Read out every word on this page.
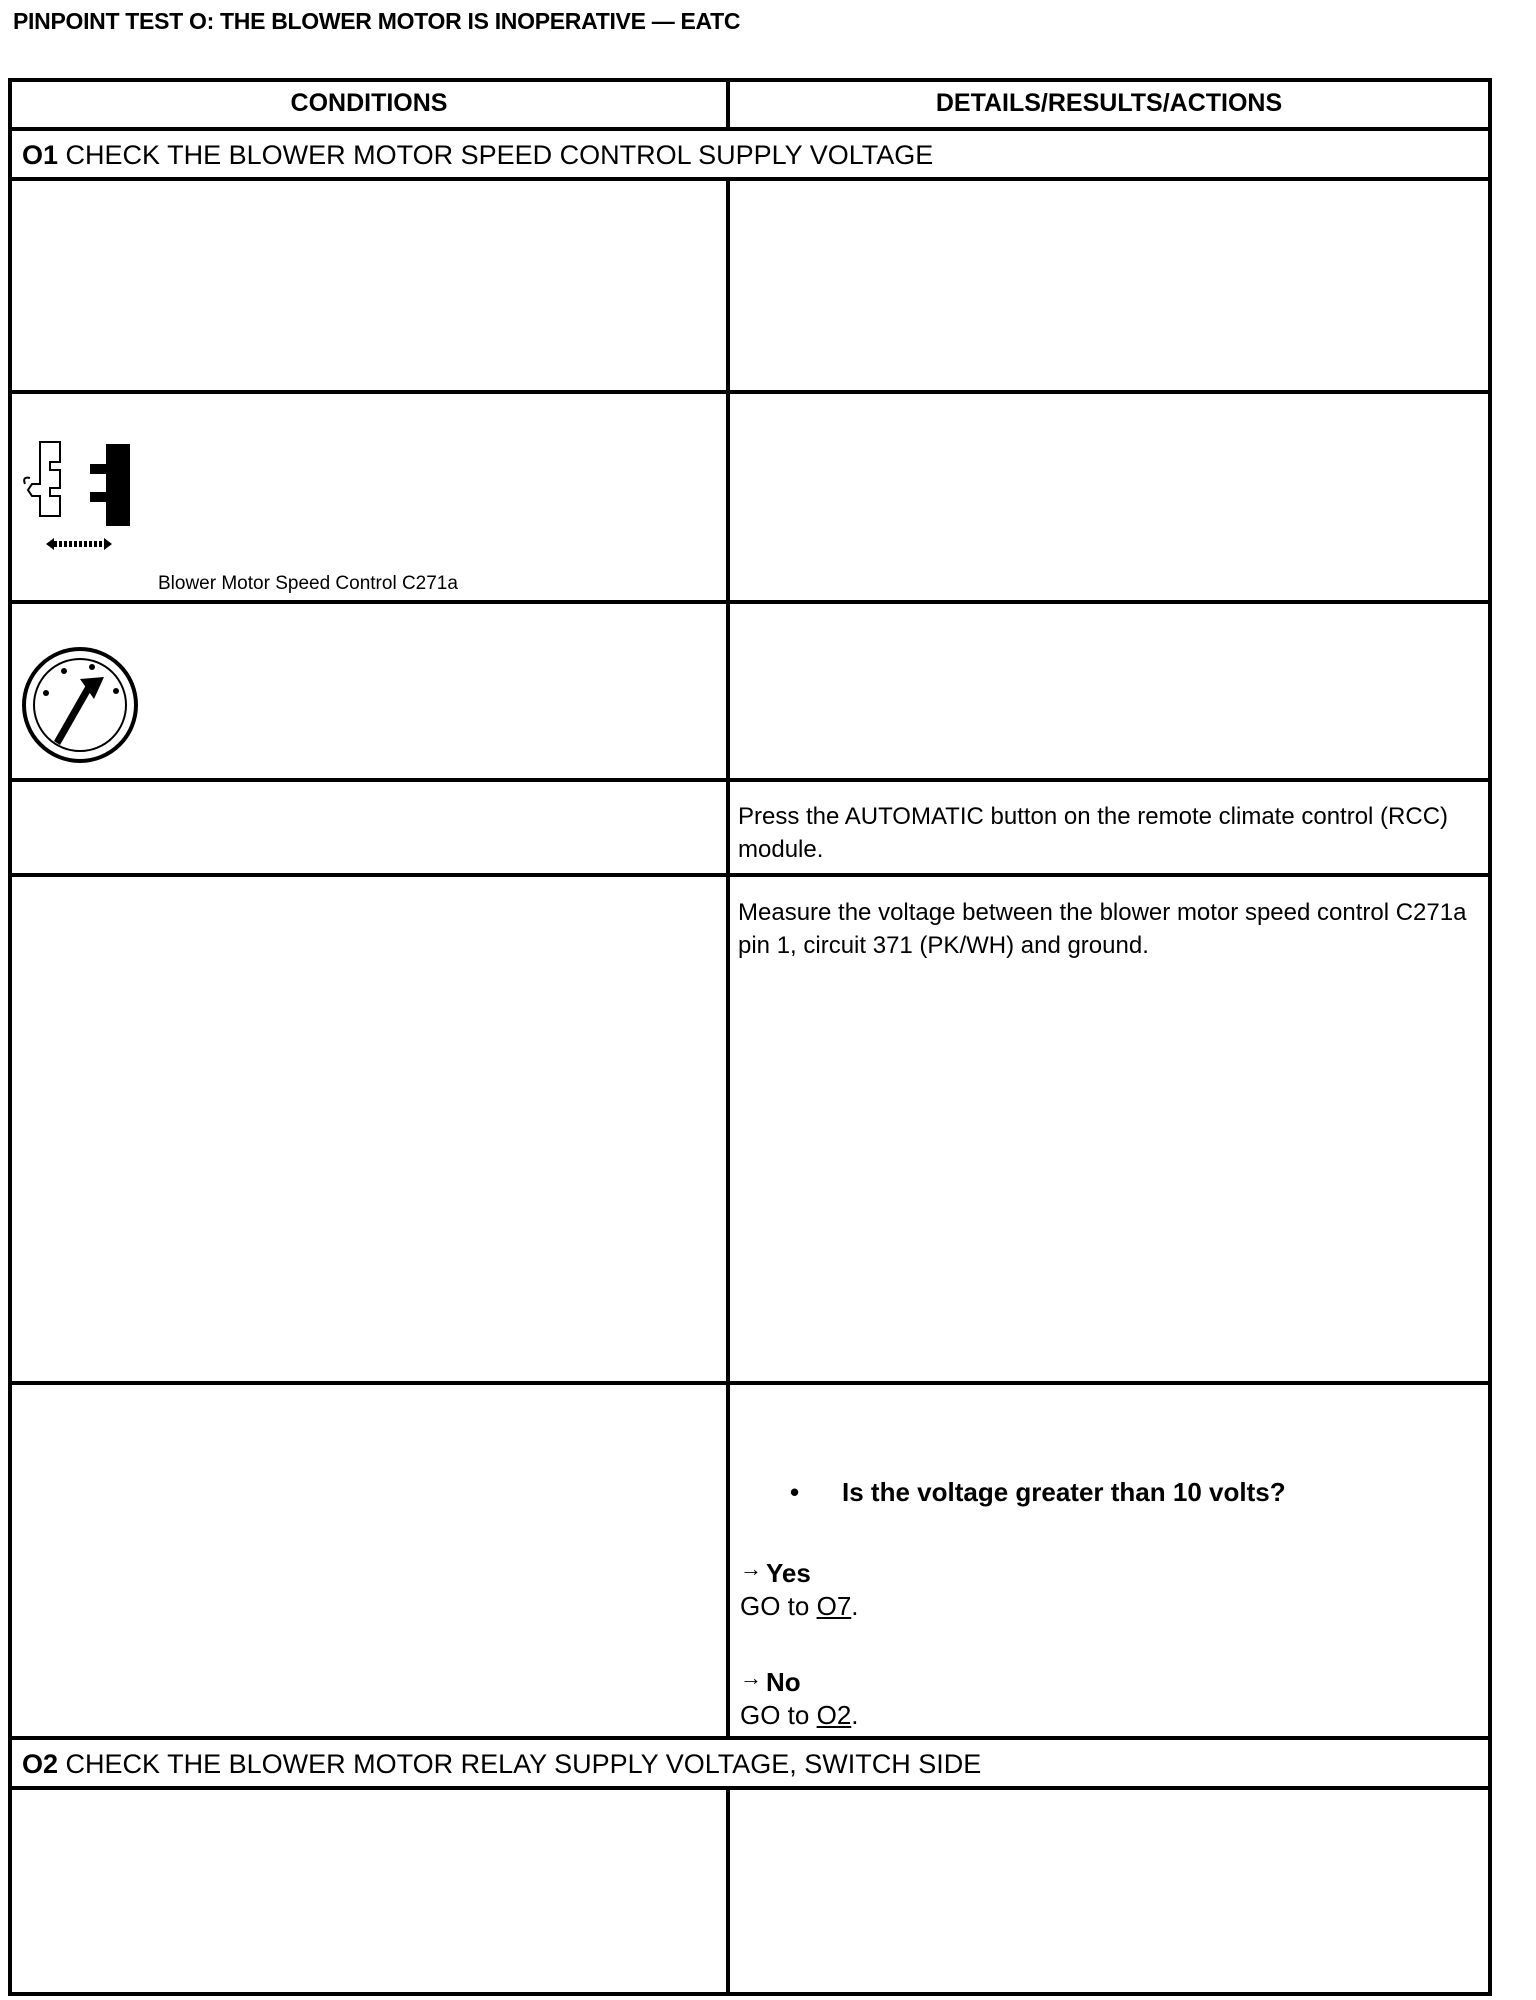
PINPOINT TEST O: THE BLOWER MOTOR IS INOPERATIVE — EATC
CONDITIONS	DETAILS/RESULTS/ACTIONS
O1 CHECK THE BLOWER MOTOR SPEED CONTROL SUPPLY VOLTAGE
Blower Motor Speed Control C271a
Press the AUTOMATIC button on the remote climate control (RCC) module.
Measure the voltage between the blower motor speed control C271a pin 1, circuit 371 (PK/WH) and ground.
• Is the voltage greater than 10 volts?
→ Yes
GO to O7.
→ No
GO to O2.
O2 CHECK THE BLOWER MOTOR RELAY SUPPLY VOLTAGE, SWITCH SIDE
